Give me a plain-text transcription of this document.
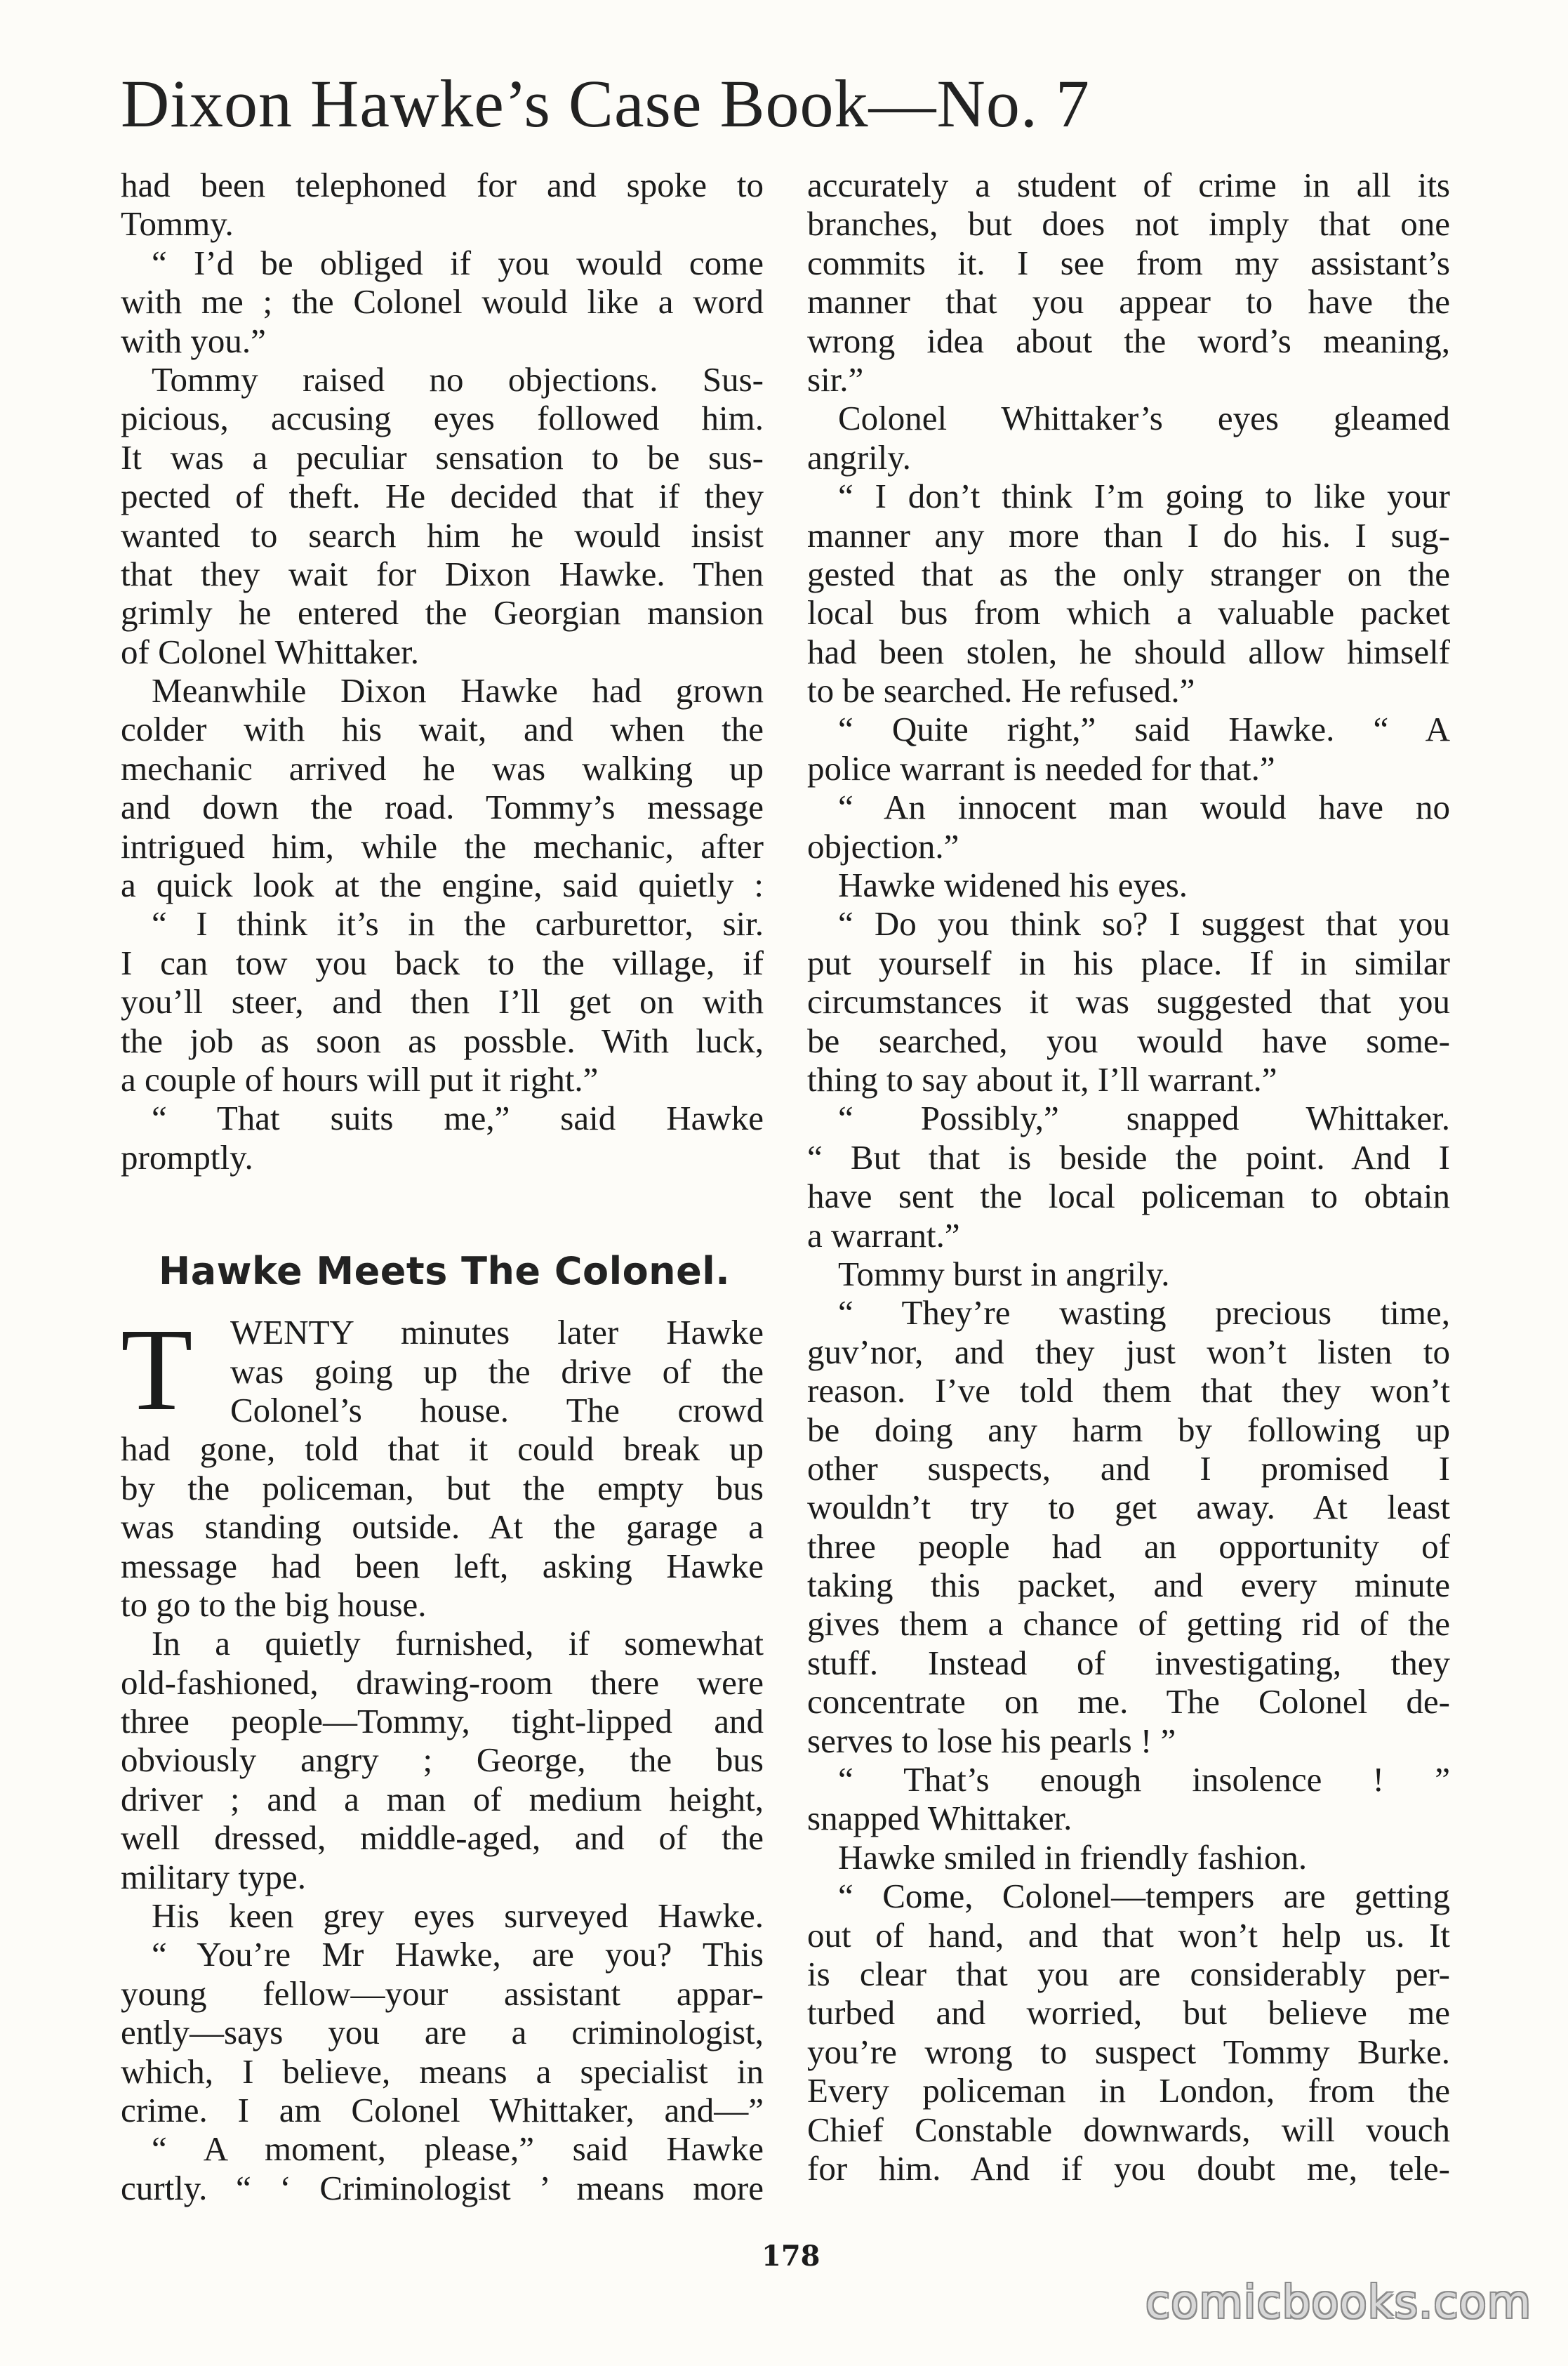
Dixon Hawke’s Case Book—No. 7
had been telephoned for and spoke to
Tommy.
“ I’d be obliged if you would come
with me ; the Colonel would like a word
with you.”
Tommy raised no objections. Sus-
picious, accusing eyes followed him.
It was a peculiar sensation to be sus-
pected of theft. He decided that if they
wanted to search him he would insist
that they wait for Dixon Hawke. Then
grimly he entered the Georgian mansion
of Colonel Whittaker.
Meanwhile Dixon Hawke had grown
colder with his wait, and when the
mechanic arrived he was walking up
and down the road. Tommy’s message
intrigued him, while the mechanic, after
a quick look at the engine, said quietly :
“ I think it’s in the carburettor, sir.
I can tow you back to the village, if
you’ll steer, and then I’ll get on with
the job as soon as possble. With luck,
a couple of hours will put it right.”
“ That suits me,” said Hawke
promptly.
Hawke Meets The Colonel.
T	WENTY minutes later Hawke
was going up the drive of the
Colonel’s house. The crowd
had gone, told that it could break up
by the policeman, but the empty bus
was standing outside. At the garage a
message had been left, asking Hawke
to go to the big house.
In a quietly furnished, if somewhat
old-fashioned, drawing-room there were
three people—Tommy, tight-lipped and
obviously angry ; George, the bus
driver ; and a man of medium height,
well dressed, middle-aged, and of the
military type.
His keen grey eyes surveyed Hawke.
“ You’re Mr Hawke, are you? This
young fellow—your assistant appar-
ently—says you are a criminologist,
which, I believe, means a specialist in
crime. I am Colonel Whittaker, and—”
“ A moment, please,” said Hawke
curtly. “ ‘ Criminologist ’ means more
accurately a student of crime in all its
branches, but does not imply that one
commits it. I see from my assistant’s
manner that you appear to have the
wrong idea about the word’s meaning,
sir.”
Colonel Whittaker’s eyes gleamed
angrily.
“ I don’t think I’m going to like your
manner any more than I do his. I sug-
gested that as the only stranger on the
local bus from which a valuable packet
had been stolen, he should allow himself
to be searched. He refused.”
“ Quite right,” said Hawke. “ A
police warrant is needed for that.”
“ An innocent man would have no
objection.”
Hawke widened his eyes.
“ Do you think so? I suggest that you
put yourself in his place. If in similar
circumstances it was suggested that you
be searched, you would have some-
thing to say about it, I’ll warrant.”
“ Possibly,” snapped Whittaker.
“ But that is beside the point. And I
have sent the local policeman to obtain
a warrant.”
Tommy burst in angrily.
“ They’re wasting precious time,
guv’nor, and they just won’t listen to
reason. I’ve told them that they won’t
be doing any harm by following up
other suspects, and I promised I
wouldn’t try to get away. At least
three people had an opportunity of
taking this packet, and every minute
gives them a chance of getting rid of the
stuff. Instead of investigating, they
concentrate on me. The Colonel de-
serves to lose his pearls ! ”
“ That’s enough insolence ! ”
snapped Whittaker.
Hawke smiled in friendly fashion.
“ Come, Colonel—tempers are getting
out of hand, and that won’t help us. It
is clear that you are considerably per-
turbed and worried, but believe me
you’re wrong to suspect Tommy Burke.
Every policeman in London, from the
Chief Constable downwards, will vouch
for him. And if you doubt me, tele-
178
comicbooks.com
